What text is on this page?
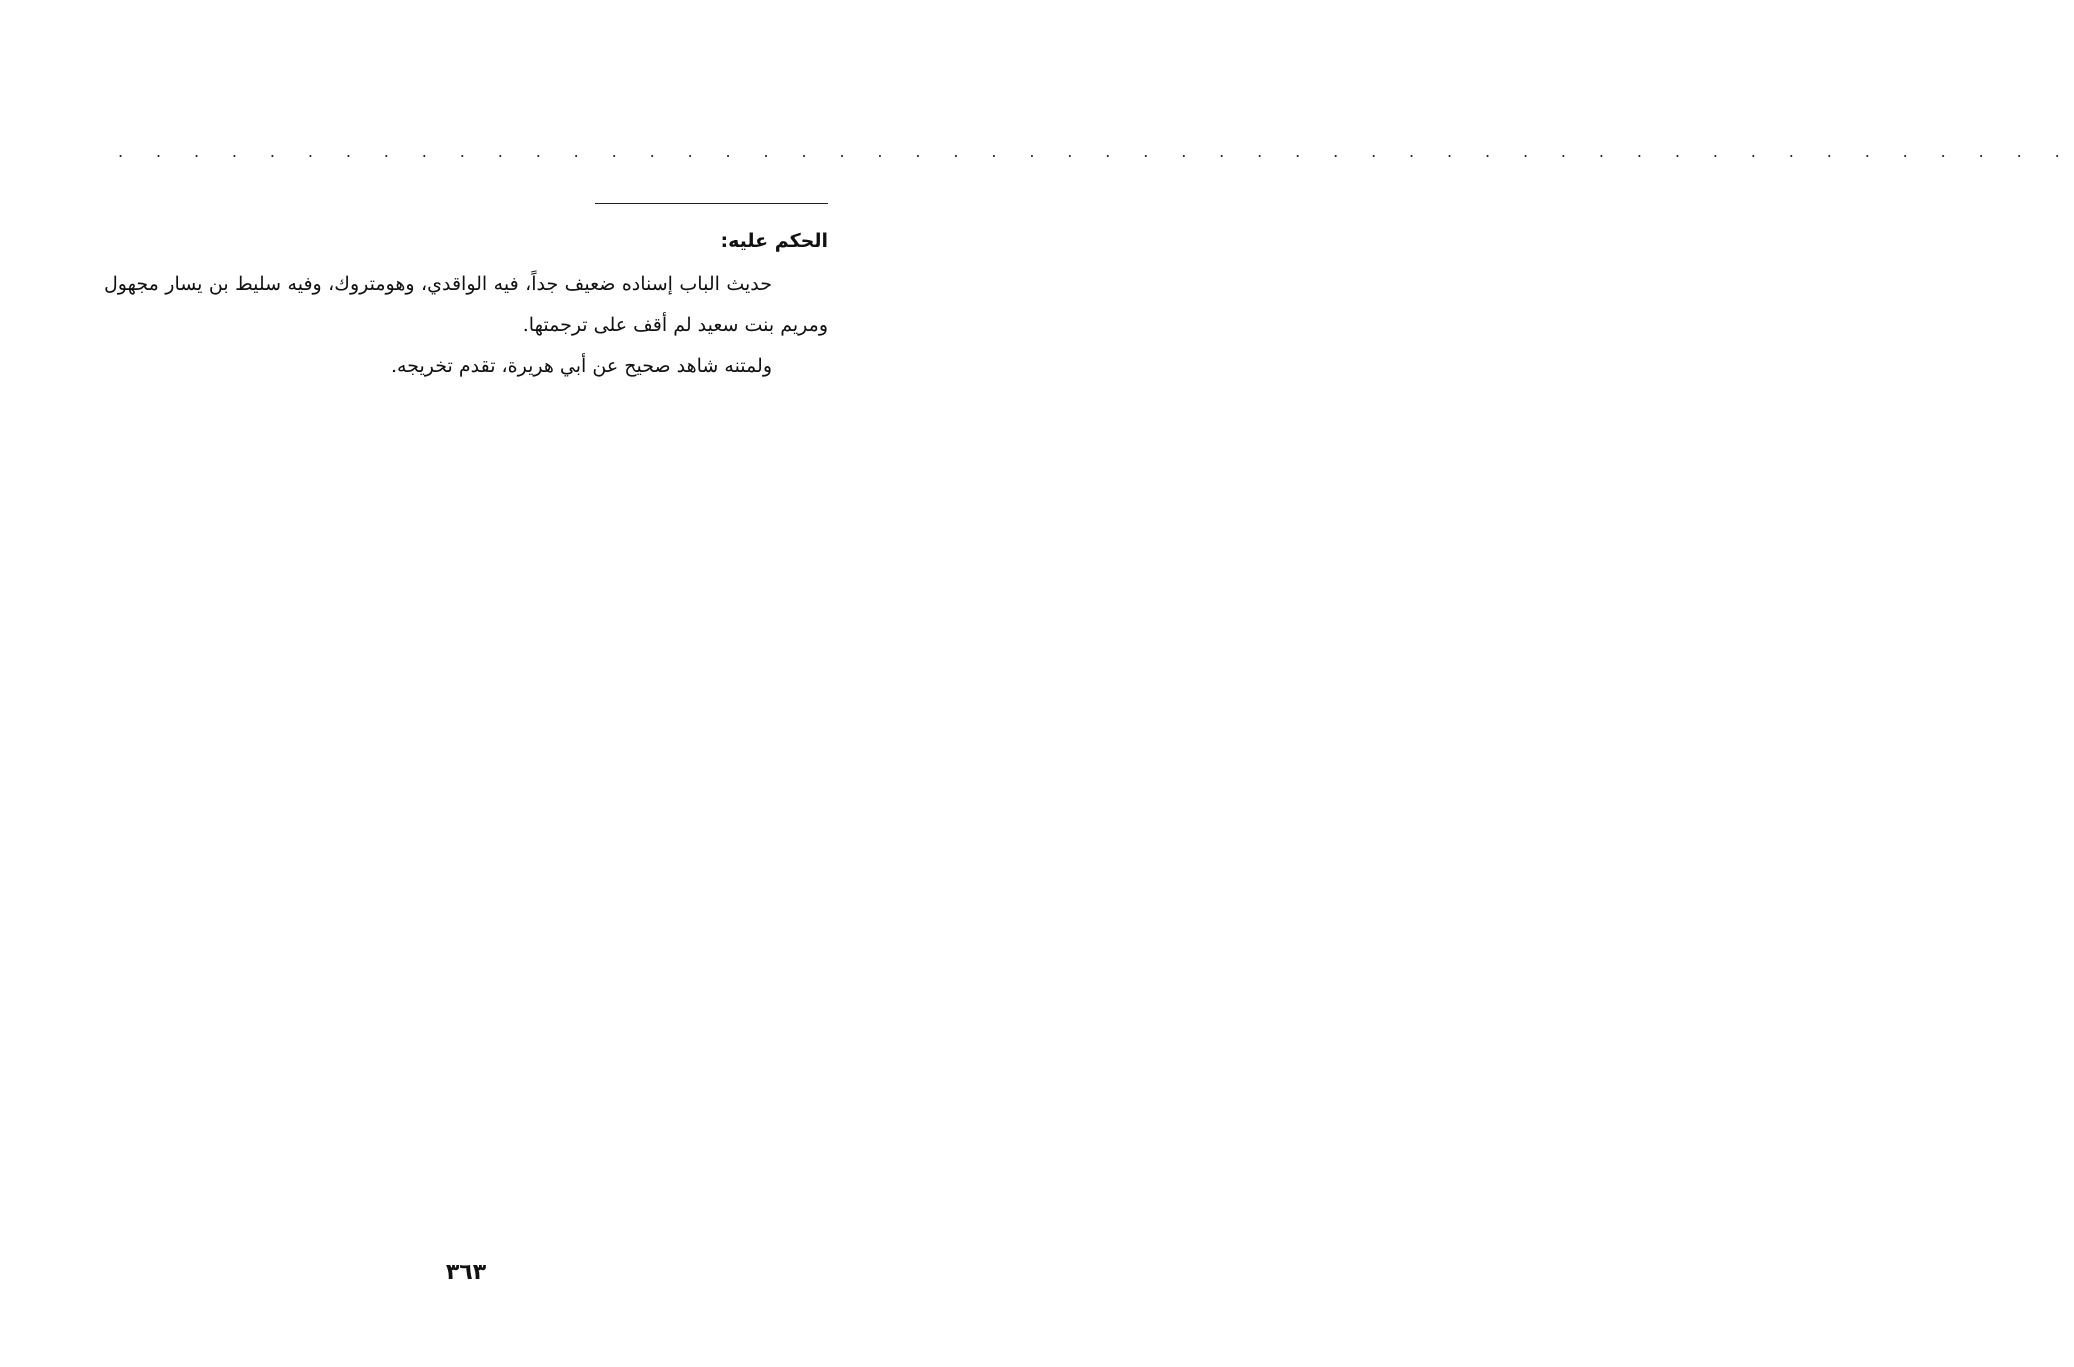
. . . . . . . . . . . . . . . . . . . . . . . . . . . . . . . . . . . . . . . . . . . . . . . . . . . .
الحكم عليه:

حديث الباب إسناده ضعيف جداً، فيه الواقدي، وهومتروك، وفيه سليط بن يسار مجهول ومريم بنت سعيد لم أقف على ترجمتها.

ولمتنه شاهد صحيح عن أبي هريرة، تقدم تخريجه.

٣٦٣
